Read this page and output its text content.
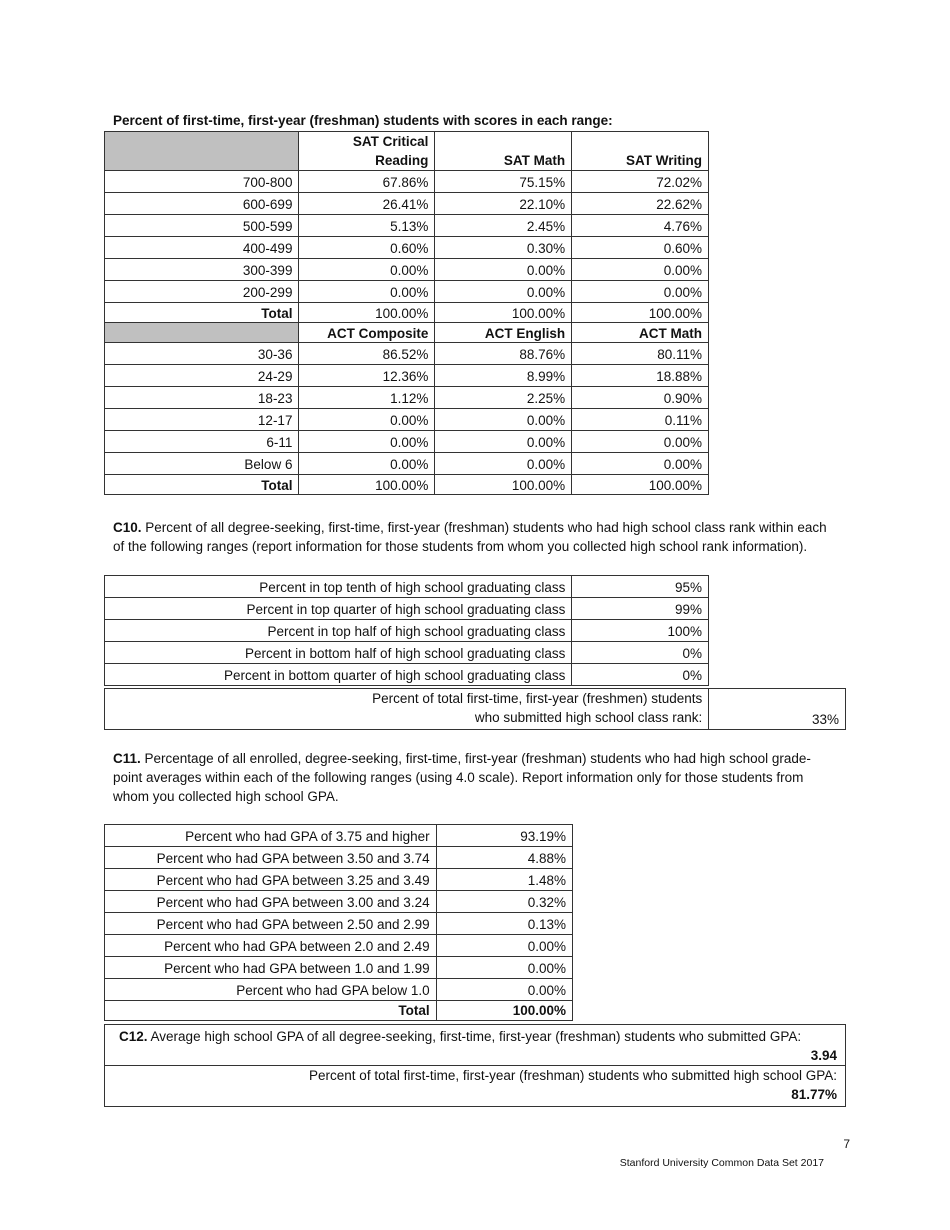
Percent of first-time, first-year (freshman) students with scores in each range:
	SAT Critical
Reading	SAT Math	SAT Writing
700-800	67.86%	75.15%	72.02%
600-699	26.41%	22.10%	22.62%
500-599	5.13%	2.45%	4.76%
400-499	0.60%	0.30%	0.60%
300-399	0.00%	0.00%	0.00%
200-299	0.00%	0.00%	0.00%
Total	100.00%	100.00%	100.00%
	ACT Composite	ACT English	ACT Math
30-36	86.52%	88.76%	80.11%
24-29	12.36%	8.99%	18.88%
18-23	1.12%	2.25%	0.90%
12-17	0.00%	0.00%	0.11%
6-11	0.00%	0.00%	0.00%
Below 6	0.00%	0.00%	0.00%
Total	100.00%	100.00%	100.00%
C10. Percent of all degree-seeking, first-time, first-year (freshman) students who had high school class rank within each of the following ranges (report information for those students from whom you collected high school rank information).
Percent in top tenth of high school graduating class	95%
Percent in top quarter of high school graduating class	99%
Percent in top half of high school graduating class	100%
Percent in bottom half of high school graduating class	0%
Percent in bottom quarter of high school graduating class	0%
Percent of total first-time, first-year (freshmen) students
who submitted high school class rank:	33%
C11. Percentage of all enrolled, degree-seeking, first-time, first-year (freshman) students who had high school grade-point averages within each of the following ranges (using 4.0 scale). Report information only for those students from whom you collected high school GPA.
Percent who had GPA of 3.75 and higher	93.19%
Percent who had GPA between 3.50 and 3.74	4.88%
Percent who had GPA between 3.25 and 3.49	1.48%
Percent who had GPA between 3.00 and 3.24	0.32%
Percent who had GPA between 2.50 and 2.99	0.13%
Percent who had GPA between 2.0 and 2.49	0.00%
Percent who had GPA between 1.0 and 1.99	0.00%
Percent who had GPA below 1.0	0.00%
Total	100.00%
C12. Average high school GPA of all degree-seeking, first-time, first-year (freshman) students who submitted GPA:
3.94

Percent of total first-time, first-year (freshman) students who submitted high school GPA:
81.77%
7
Stanford University Common Data Set 2017
